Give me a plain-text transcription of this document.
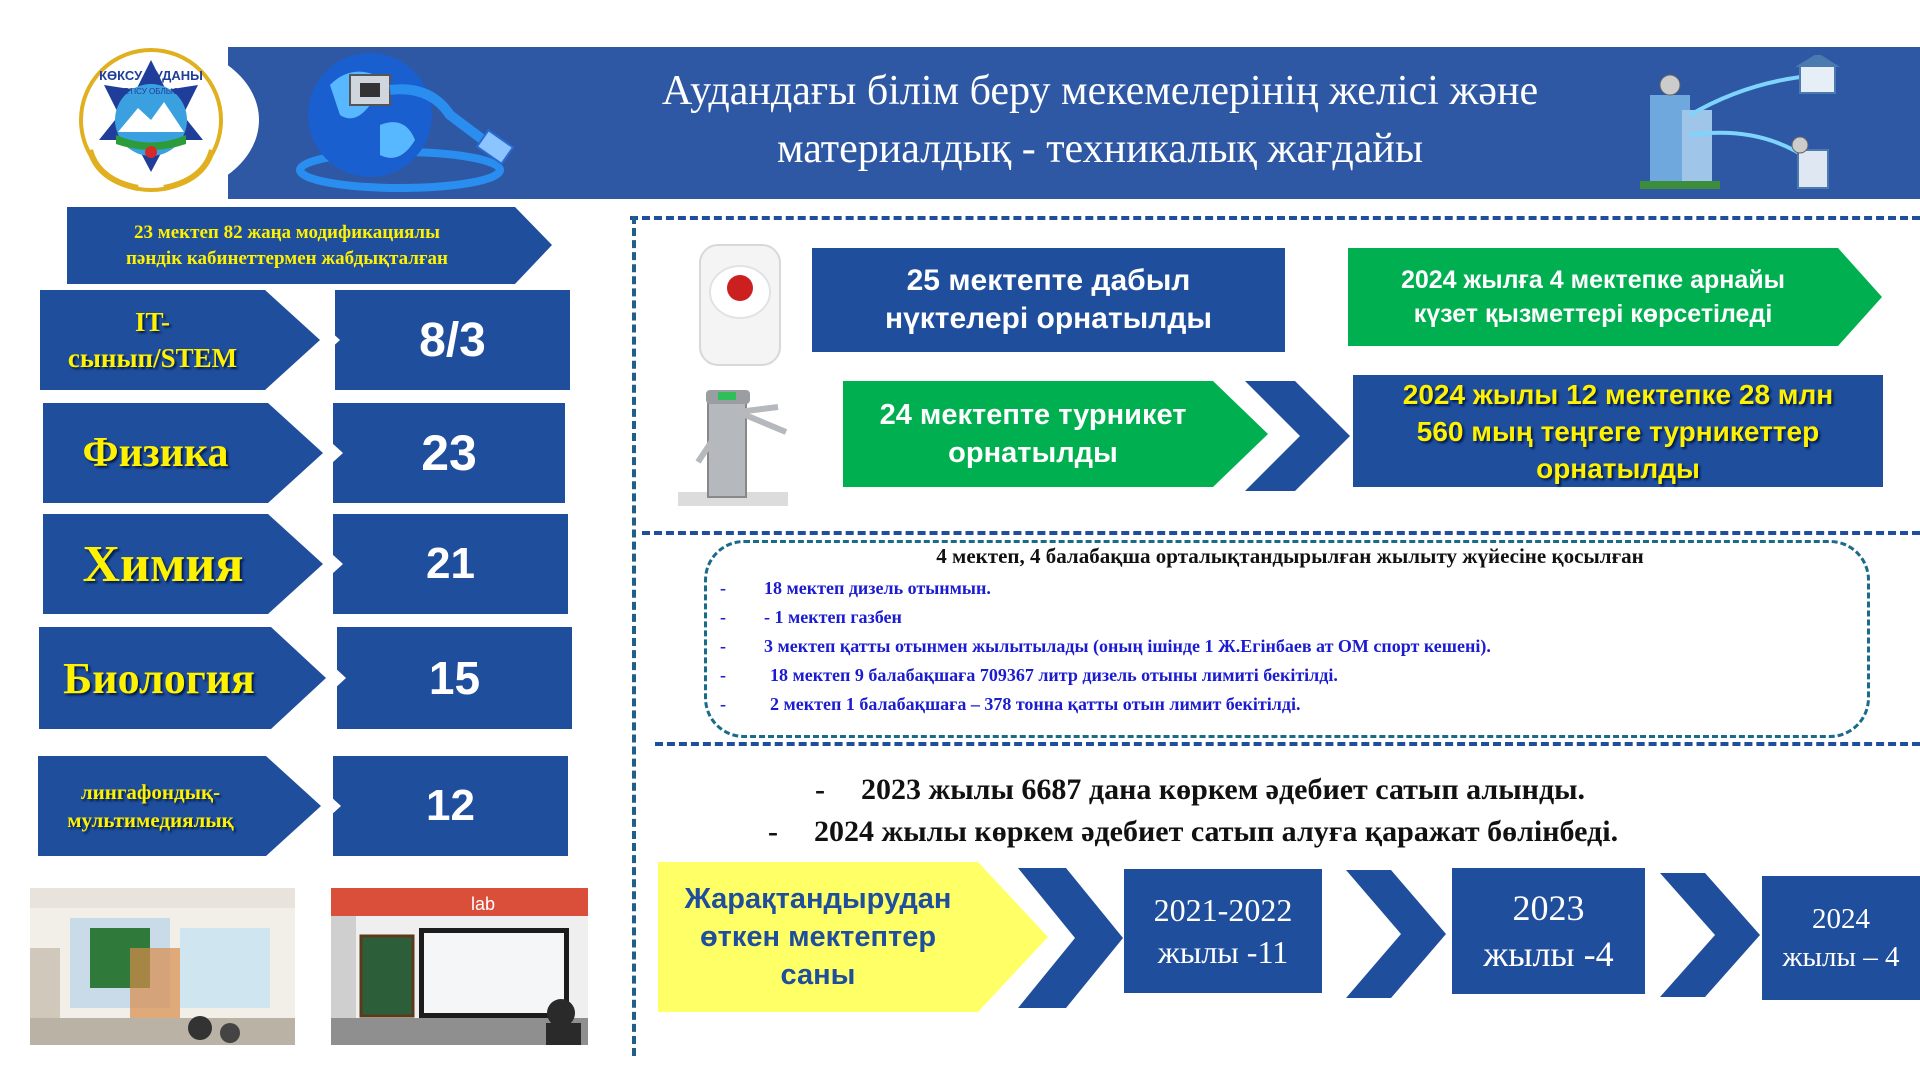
КӨКСУ АУДАНЫ
ЖЕТІСУ ОБЛЫСЫ	Аудандағы білім беру мекемелерінің желісі және
материалдық - техникалық жағдайы
23 мектеп 82 жаңа модификациялы
пәндік кабинеттермен жабдықталған
IT-
сынып/STEM	8/3
Физика	23
Химия	21
Биология	15
лингафондық-
мультимедиялық	12
lab
25 мектепте дабыл
нүктелері орнатылды
2024 жылға 4 мектепке арнайы
күзет қызметтері көрсетіледі
24 мектепте турникет
орнатылды
2024 жылы 12 мектепке 28 млн
560 мың теңгеге турникеттер
орнатылды
4 мектеп, 4 балабақша орталықтандырылған жылыту жүйесіне қосылған
- 18 мектеп дизель отынмын.
- - 1 мектеп газбен
- 3 мектеп қатты отынмен жылытылады (оның ішінде 1 Ж.Егінбаев ат ОМ спорт кешені).
- 18 мектеп 9 балабақшаға 709367 литр дизель отыны лимиті бекітілді.
- 2 мектеп 1 балабақшаға – 378 тонна қатты отын лимит бекітілді.
- 2023 жылы 6687 дана көркем әдебиет сатып алынды.
- 2024 жылы көркем әдебиет сатып алуға қаражат бөлінбеді.
Жарақтандырудан
өткен мектептер
саны
2021-2022
жылы -11
2023
жылы -4
2024
жылы – 4
